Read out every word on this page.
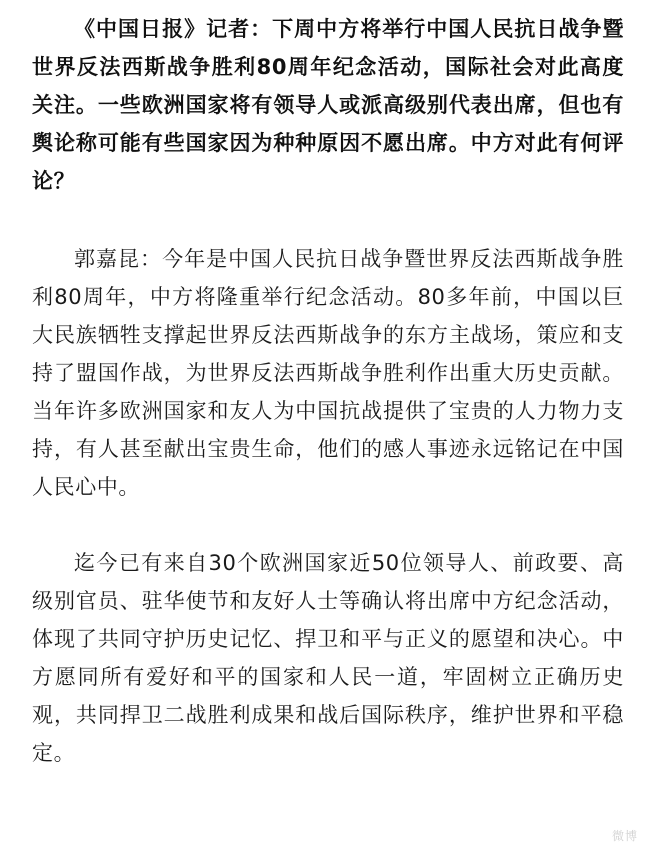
《中国日报》记者：下周中方将举行中国人民抗日战争暨世界反法西斯战争胜利80周年纪念活动，国际社会对此高度关注。一些欧洲国家将有领导人或派高级别代表出席，但也有舆论称可能有些国家因为种种原因不愿出席。中方对此有何评论？

郭嘉昆：今年是中国人民抗日战争暨世界反法西斯战争胜利80周年，中方将隆重举行纪念活动。80多年前，中国以巨大民族牺牲支撑起世界反法西斯战争的东方主战场，策应和支持了盟国作战，为世界反法西斯战争胜利作出重大历史贡献。当年许多欧洲国家和友人为中国抗战提供了宝贵的人力物力支持，有人甚至献出宝贵生命，他们的感人事迹永远铭记在中国人民心中。

迄今已有来自30个欧洲国家近50位领导人、前政要、高级别官员、驻华使节和友好人士等确认将出席中方纪念活动，体现了共同守护历史记忆、捍卫和平与正义的愿望和决心。中方愿同所有爱好和平的国家和人民一道，牢固树立正确历史观，共同捍卫二战胜利成果和战后国际秩序，维护世界和平稳定。

微博
